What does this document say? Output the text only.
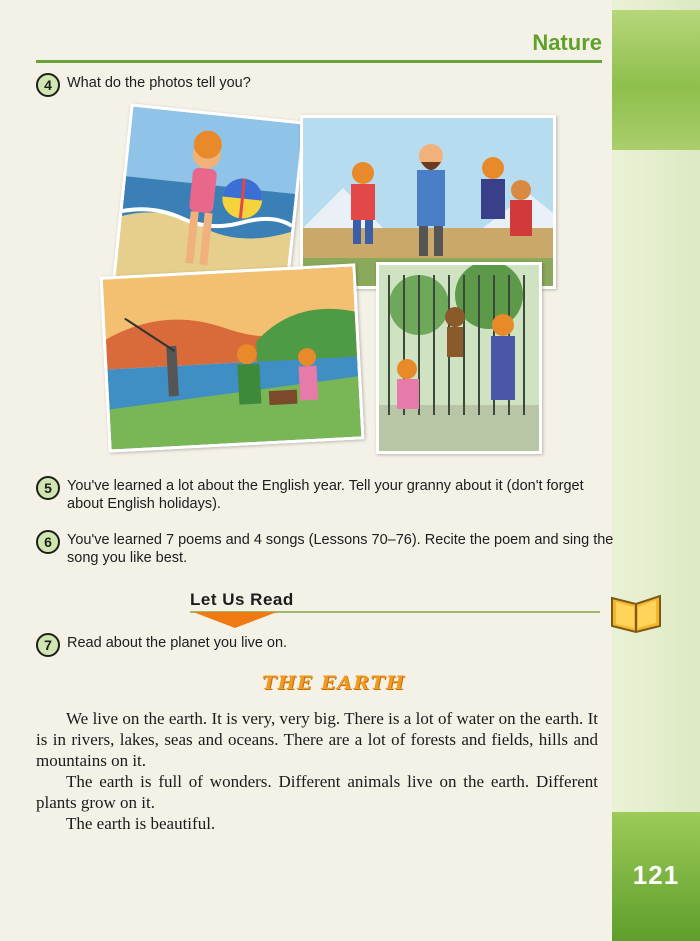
121
Nature
4	What do the photos tell you?
5	You've learned a lot about the English year. Tell your granny about it (don't forget about English holidays).
6	You've learned 7 poems and 4 songs (Lessons 70–76). Recite the poem and sing the song you like best.
Let Us Read
7	Read about the planet you live on.
THE EARTH

We live on the earth. It is very, very big. There is a lot of water on the earth. It is in rivers, lakes, seas and oceans. There are a lot of forests and fields, hills and mountains on it.

The earth is full of wonders. Different animals live on the earth. Different plants grow on it.

The earth is beautiful.
